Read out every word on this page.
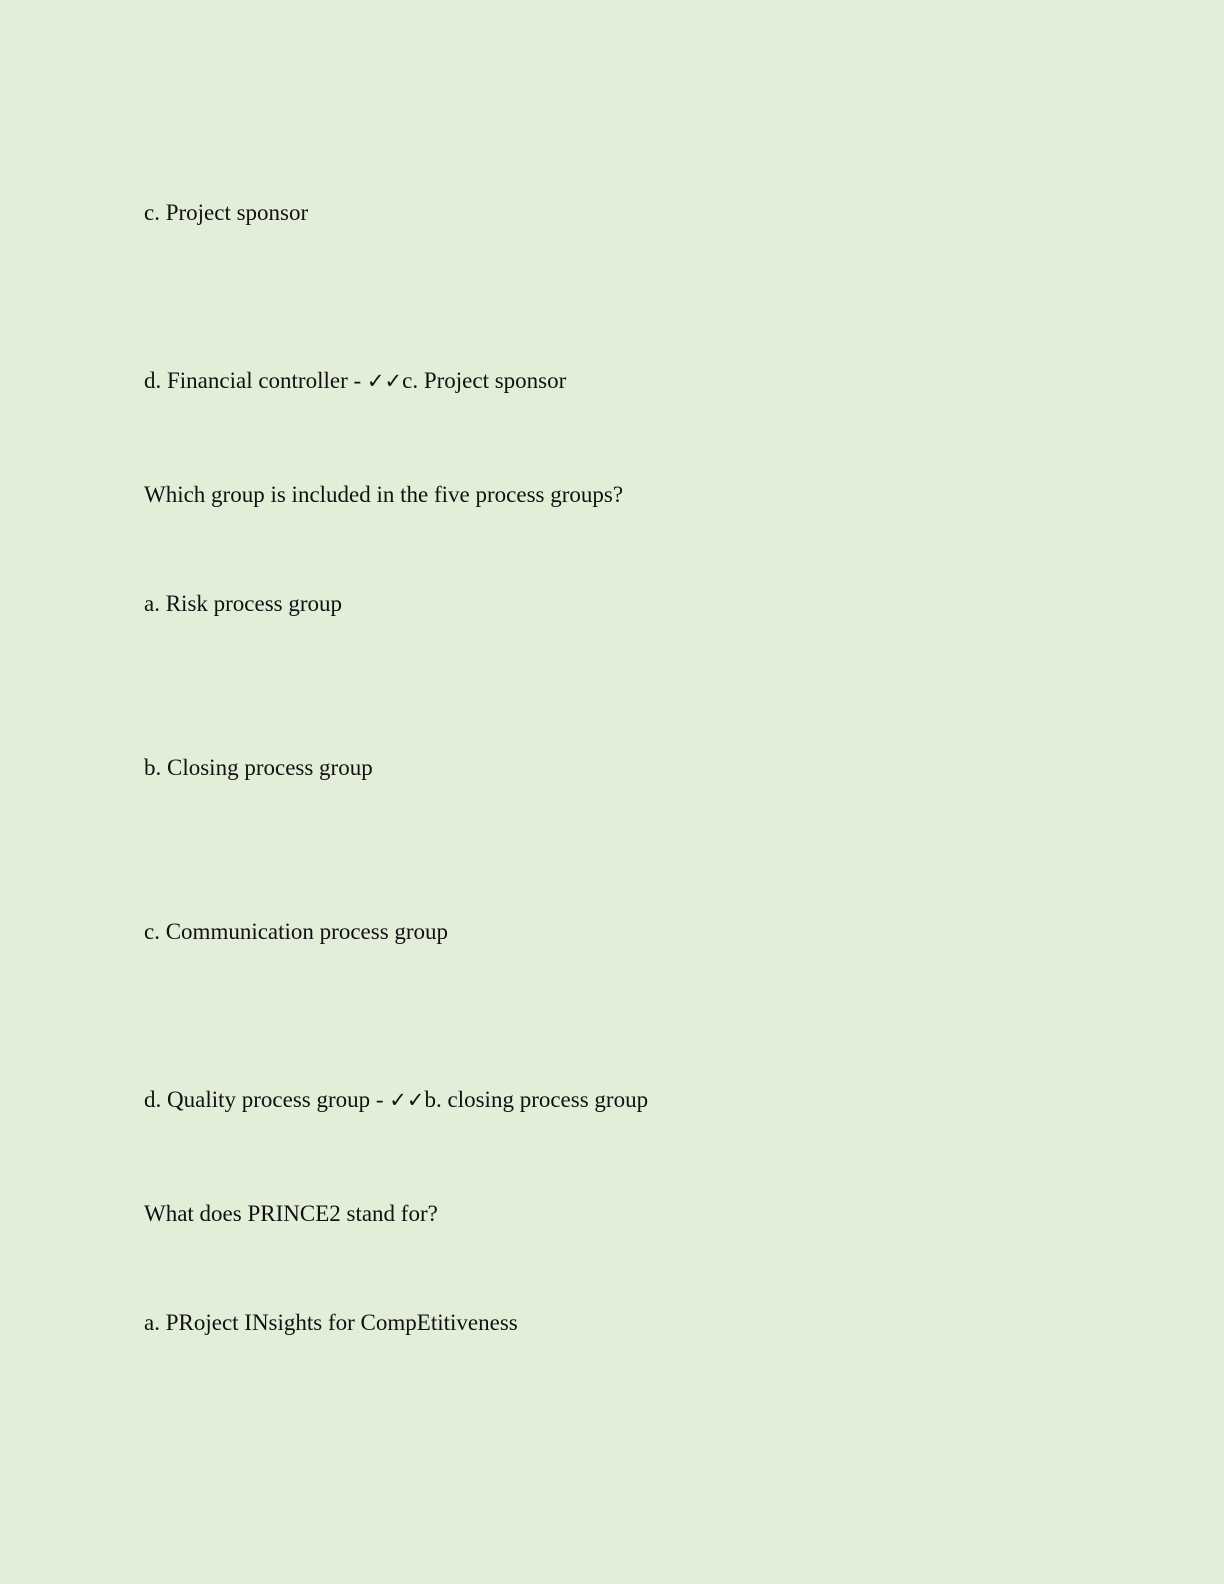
c. Project sponsor
d. Financial controller - ✓✓c. Project sponsor
Which group is included in the five process groups?
a. Risk process group
b. Closing process group
c. Communication process group
d. Quality process group - ✓✓b. closing process group
What does PRINCE2 stand for?
a. PRoject INsights for CompEtitiveness
